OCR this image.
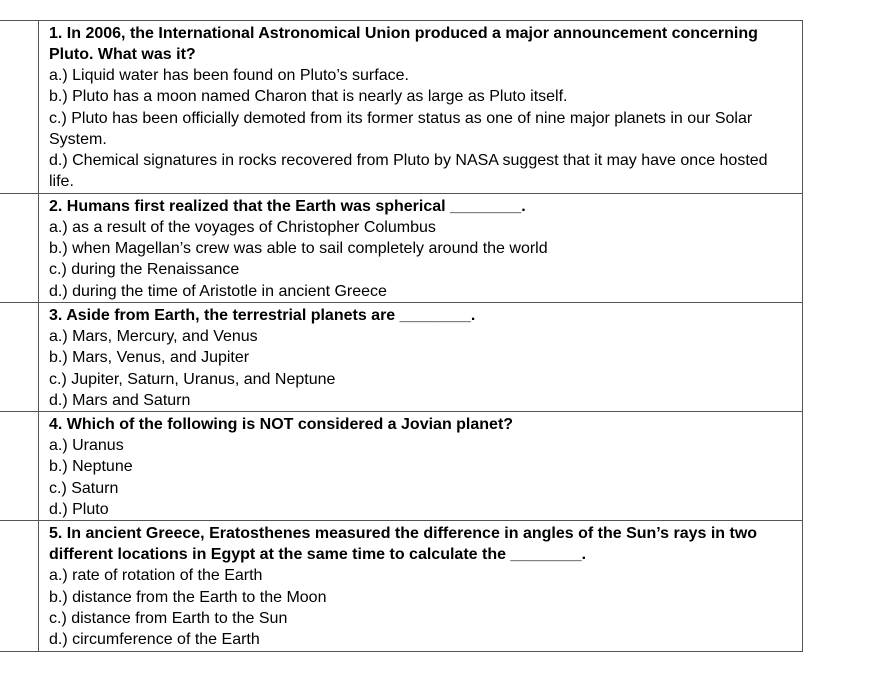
	1. In 2006, the International Astronomical Union produced a major announcement concerning Pluto. What was it?
a.) Liquid water has been found on Pluto’s surface.
b.) Pluto has a moon named Charon that is nearly as large as Pluto itself.
c.) Pluto has been officially demoted from its former status as one of nine major planets in our Solar System.
d.) Chemical signatures in rocks recovered from Pluto by NASA suggest that it may have once hosted life.

	2. Humans first realized that the Earth was spherical ________.
a.) as a result of the voyages of Christopher Columbus
b.) when Magellan’s crew was able to sail completely around the world
c.) during the Renaissance
d.) during the time of Aristotle in ancient Greece

	3. Aside from Earth, the terrestrial planets are ________.
a.) Mars, Mercury, and Venus
b.) Mars, Venus, and Jupiter
c.) Jupiter, Saturn, Uranus, and Neptune
d.) Mars and Saturn

	4. Which of the following is NOT considered a Jovian planet?
a.) Uranus
b.) Neptune
c.) Saturn
d.) Pluto

	5. In ancient Greece, Eratosthenes measured the difference in angles of the Sun’s rays in two different locations in Egypt at the same time to calculate the ________.
a.) rate of rotation of the Earth
b.) distance from the Earth to the Moon
c.) distance from Earth to the Sun
d.) circumference of the Earth
